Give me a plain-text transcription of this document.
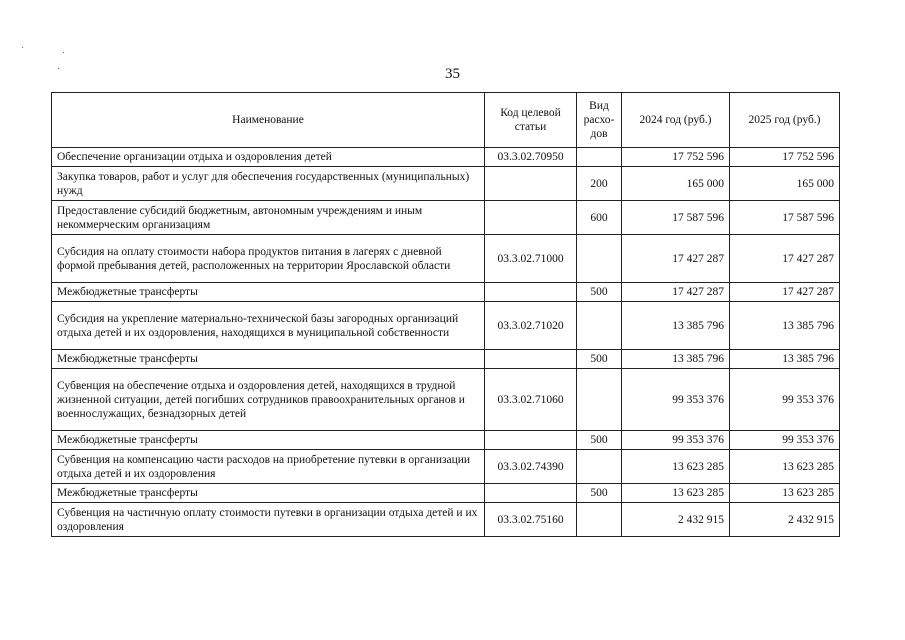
35
Наименование	Код целевой статьи	Вид расхо-дов	2024 год (руб.)	2025 год (руб.)
Обеспечение организации отдыха и оздоровления детей	03.3.02.70950		17 752 596	17 752 596
Закупка товаров, работ и услуг для обеспечения государственных (муниципальных) нужд		200	165 000	165 000
Предоставление субсидий бюджетным, автономным учреждениям и иным некоммерческим организациям		600	17 587 596	17 587 596
Субсидия на оплату стоимости набора продуктов питания в лагерях с дневной формой пребывания детей, расположенных на территории Ярославской области	03.3.02.71000		17 427 287	17 427 287
Межбюджетные трансферты		500	17 427 287	17 427 287
Субсидия на укрепление материально-технической базы загородных организаций отдыха детей и их оздоровления, находящихся в муниципальной собственности	03.3.02.71020		13 385 796	13 385 796
Межбюджетные трансферты		500	13 385 796	13 385 796
Субвенция на обеспечение отдыха и оздоровления детей, находящихся в трудной жизненной ситуации, детей погибших сотрудников правоохранительных органов и военнослужащих, безнадзорных детей	03.3.02.71060		99 353 376	99 353 376
Межбюджетные трансферты		500	99 353 376	99 353 376
Субвенция на компенсацию части расходов на приобретение путевки в организации отдыха детей и их оздоровления	03.3.02.74390		13 623 285	13 623 285
Межбюджетные трансферты		500	13 623 285	13 623 285
Субвенция на частичную оплату стоимости путевки в организации отдыха детей и их оздоровления	03.3.02.75160		2 432 915	2 432 915
